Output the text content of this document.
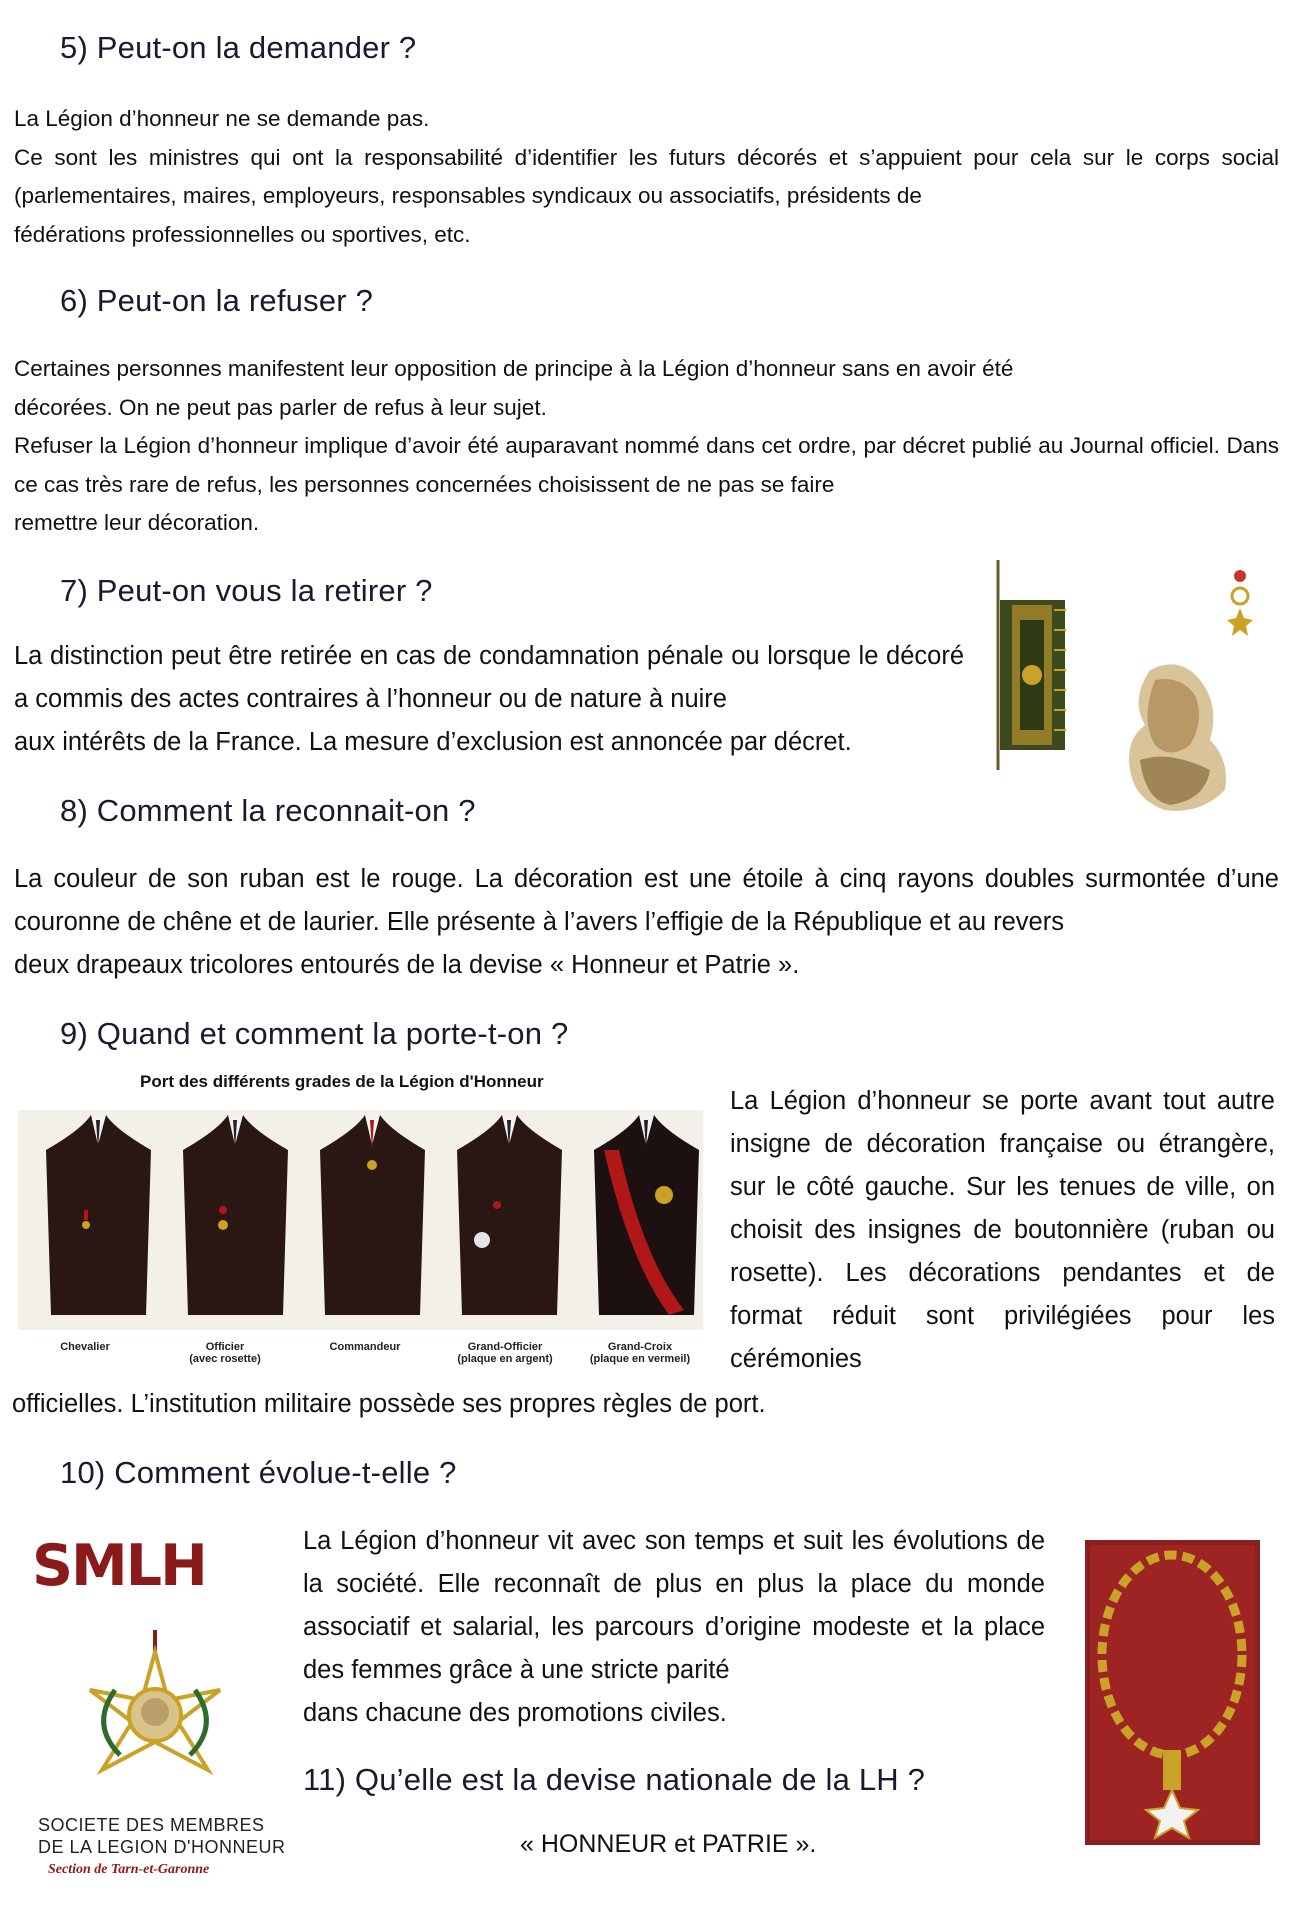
5) Peut-on la demander ?
La Légion d’honneur ne se demande pas.
Ce sont les ministres qui ont la responsabilité d’identifier les futurs décorés et s’appuient pour cela sur le corps social (parlementaires, maires, employeurs, responsables syndicaux ou associatifs, présidents de
fédérations professionnelles ou sportives, etc.
6) Peut-on la refuser ?
Certaines personnes manifestent leur opposition de principe à la Légion d’honneur sans en avoir été
décorées. On ne peut pas parler de refus à leur sujet.
Refuser la Légion d’honneur implique d’avoir été auparavant nommé dans cet ordre, par décret publié au Journal officiel. Dans ce cas très rare de refus, les personnes concernées choisissent de ne pas se faire
remettre leur décoration.
7) Peut-on vous la retirer ?
La distinction peut être retirée en cas de condamnation pénale ou lorsque le décoré a commis des actes contraires à l’honneur ou de nature à nuire
aux intérêts de la France. La mesure d’exclusion est annoncée par décret.
8) Comment la reconnait-on ?
La couleur de son ruban est le rouge. La décoration est une étoile à cinq rayons doubles surmontée d’une couronne de chêne et de laurier. Elle présente à l’avers l’effigie de la République et au revers
deux drapeaux tricolores entourés de la devise « Honneur et Patrie ».
9) Quand et comment la porte-t-on ?
Port des différents grades de la Légion d'Honneur
Chevalier	Officier
(avec rosette)
Commandeur	Grand-Officier
(plaque en argent)
Grand-Croix
(plaque en vermeil)
La Légion d’honneur se porte avant tout autre insigne de décoration française ou étrangère, sur le côté gauche. Sur les tenues de ville, on choisit des insignes de boutonnière (ruban ou rosette). Les décorations pendantes et de format réduit sont privilégiées pour les cérémonies
officielles. L’institution militaire possède ses propres règles de port.
10) Comment évolue-t-elle ?
SMLH
SOCIETE DES MEMBRES
DE LA LEGION D'HONNEUR
Section de Tarn-et-Garonne
La Légion d’honneur vit avec son temps et suit les évolutions de la société. Elle reconnaît de plus en plus la place du monde associatif et salarial, les parcours d’origine modeste et la place des femmes grâce à une stricte parité
dans chacune des promotions civiles.
11) Qu’elle est la devise nationale de la LH ?
« HONNEUR et PATRIE ».
